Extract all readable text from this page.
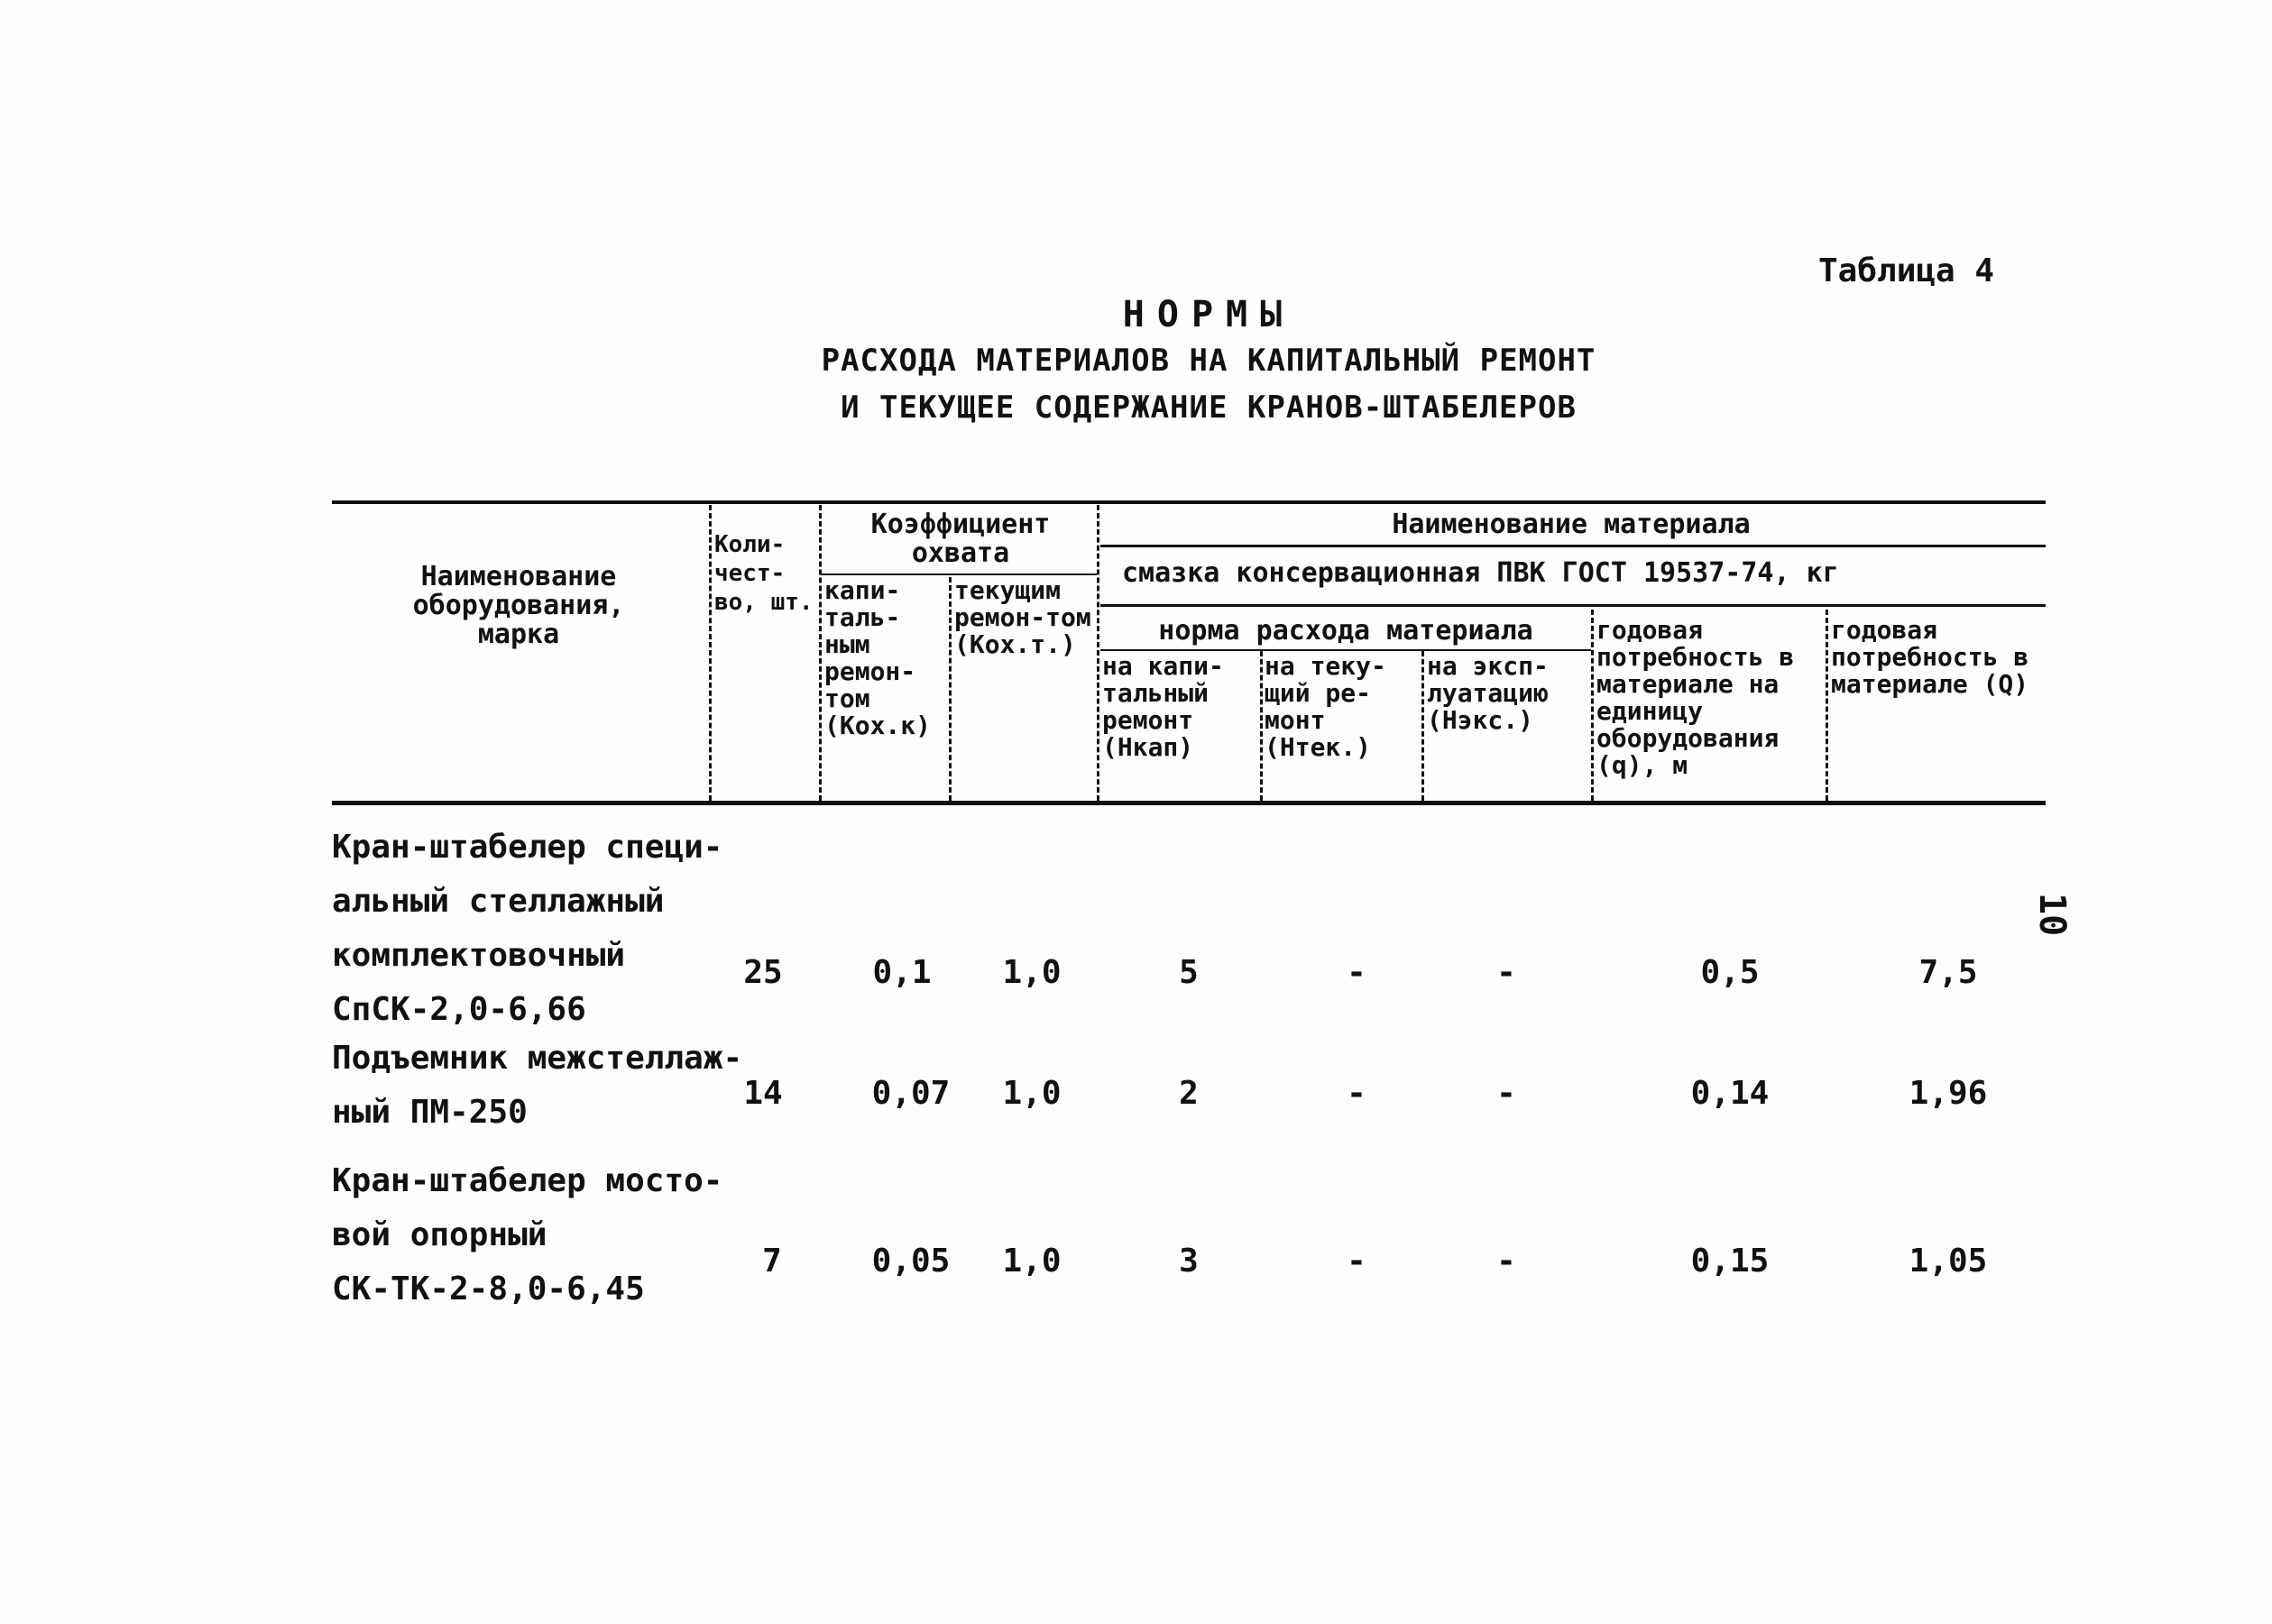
Таблица 4
НОРМЫ
РАСХОДА МАТЕРИАЛОВ НА КАПИТАЛЬНЫЙ РЕМОНТ
И ТЕКУЩЕЕ СОДЕРЖАНИЕ КРАНОВ-ШТАБЕЛЕРОВ
Наименование оборудования, марка
Коли-чест-во, шт.
Коэффициент охвата
капи-таль-ным ремон-том (Кох.к)
текущим ремон-том (Кох.т.)
Наименование материала
смазка консервационная ПВК ГОСТ 19537-74, кг
норма расхода материала
на капи-тальный ремонт (Нкап)
на теку-щий ре-монт (Нтек.)
на эксп-луатацию (Нэкс.)
годовая потребность в материале на единицу оборудования (q), м
годовая потребность в материале (Q)
Кран-штабелер специ-
альный стеллажный
комплектовочный
СпСК-2,0-6,66
25	0,1	1,0	5	-	-	0,5	7,5
Подъемник межстеллаж-
ный ПМ-250
14	0,07	1,0	2	-	-	0,14	1,96
Кран-штабелер мосто-
вой опорный
СК-ТК-2-8,0-6,45
7	0,05	1,0	3	-	-	0,15	1,05
10
